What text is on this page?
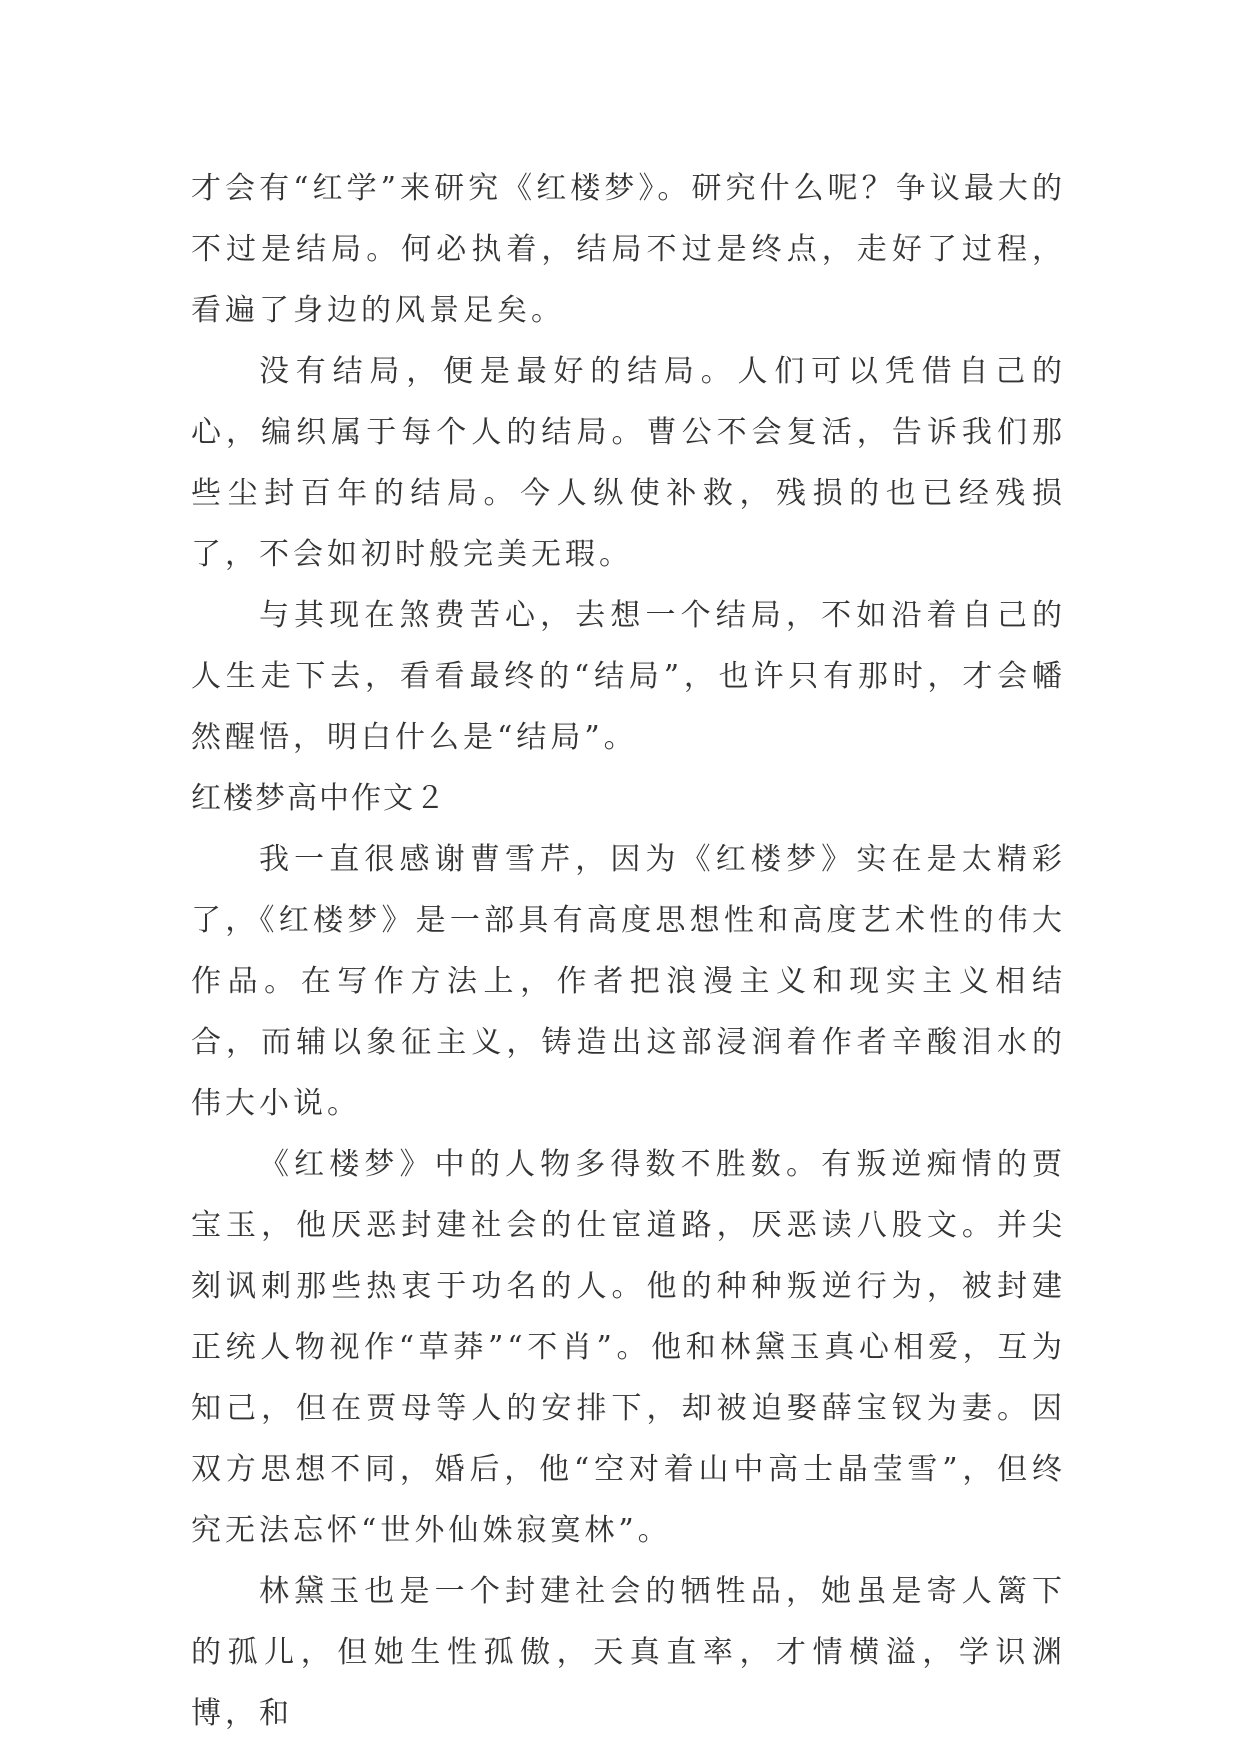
才会有“红学”来研究《红楼梦》。研究什么呢？争议最大的不过是结局。何必执着，结局不过是终点，走好了过程，看遍了身边的风景足矣。

没有结局，便是最好的结局。人们可以凭借自己的心，编织属于每个人的结局。曹公不会复活，告诉我们那些尘封百年的结局。今人纵使补救，残损的也已经残损了，不会如初时般完美无瑕。

与其现在煞费苦心，去想一个结局，不如沿着自己的人生走下去，看看最终的“结局”，也许只有那时，才会幡然醒悟，明白什么是“结局”。

红楼梦高中作文２

我一直很感谢曹雪芹，因为《红楼梦》实在是太精彩了，《红楼梦》是一部具有高度思想性和高度艺术性的伟大作品。在写作方法上，作者把浪漫主义和现实主义相结合，而辅以象征主义，铸造出这部浸润着作者辛酸泪水的伟大小说。

《红楼梦》中的人物多得数不胜数。有叛逆痴情的贾宝玉，他厌恶封建社会的仕宦道路，厌恶读八股文。并尖刻讽刺那些热衷于功名的人。他的种种叛逆行为，被封建正统人物视作“草莽”“不肖”。他和林黛玉真心相爱，互为知己，但在贾母等人的安排下，却被迫娶薛宝钗为妻。因双方思想不同，婚后，他“空对着山中高士晶莹雪”，但终究无法忘怀“世外仙姝寂寞林”。

林黛玉也是一个封建社会的牺牲品，她虽是寄人篱下的孤儿，但她生性孤傲，天真直率，才情横溢，学识渊博，和
